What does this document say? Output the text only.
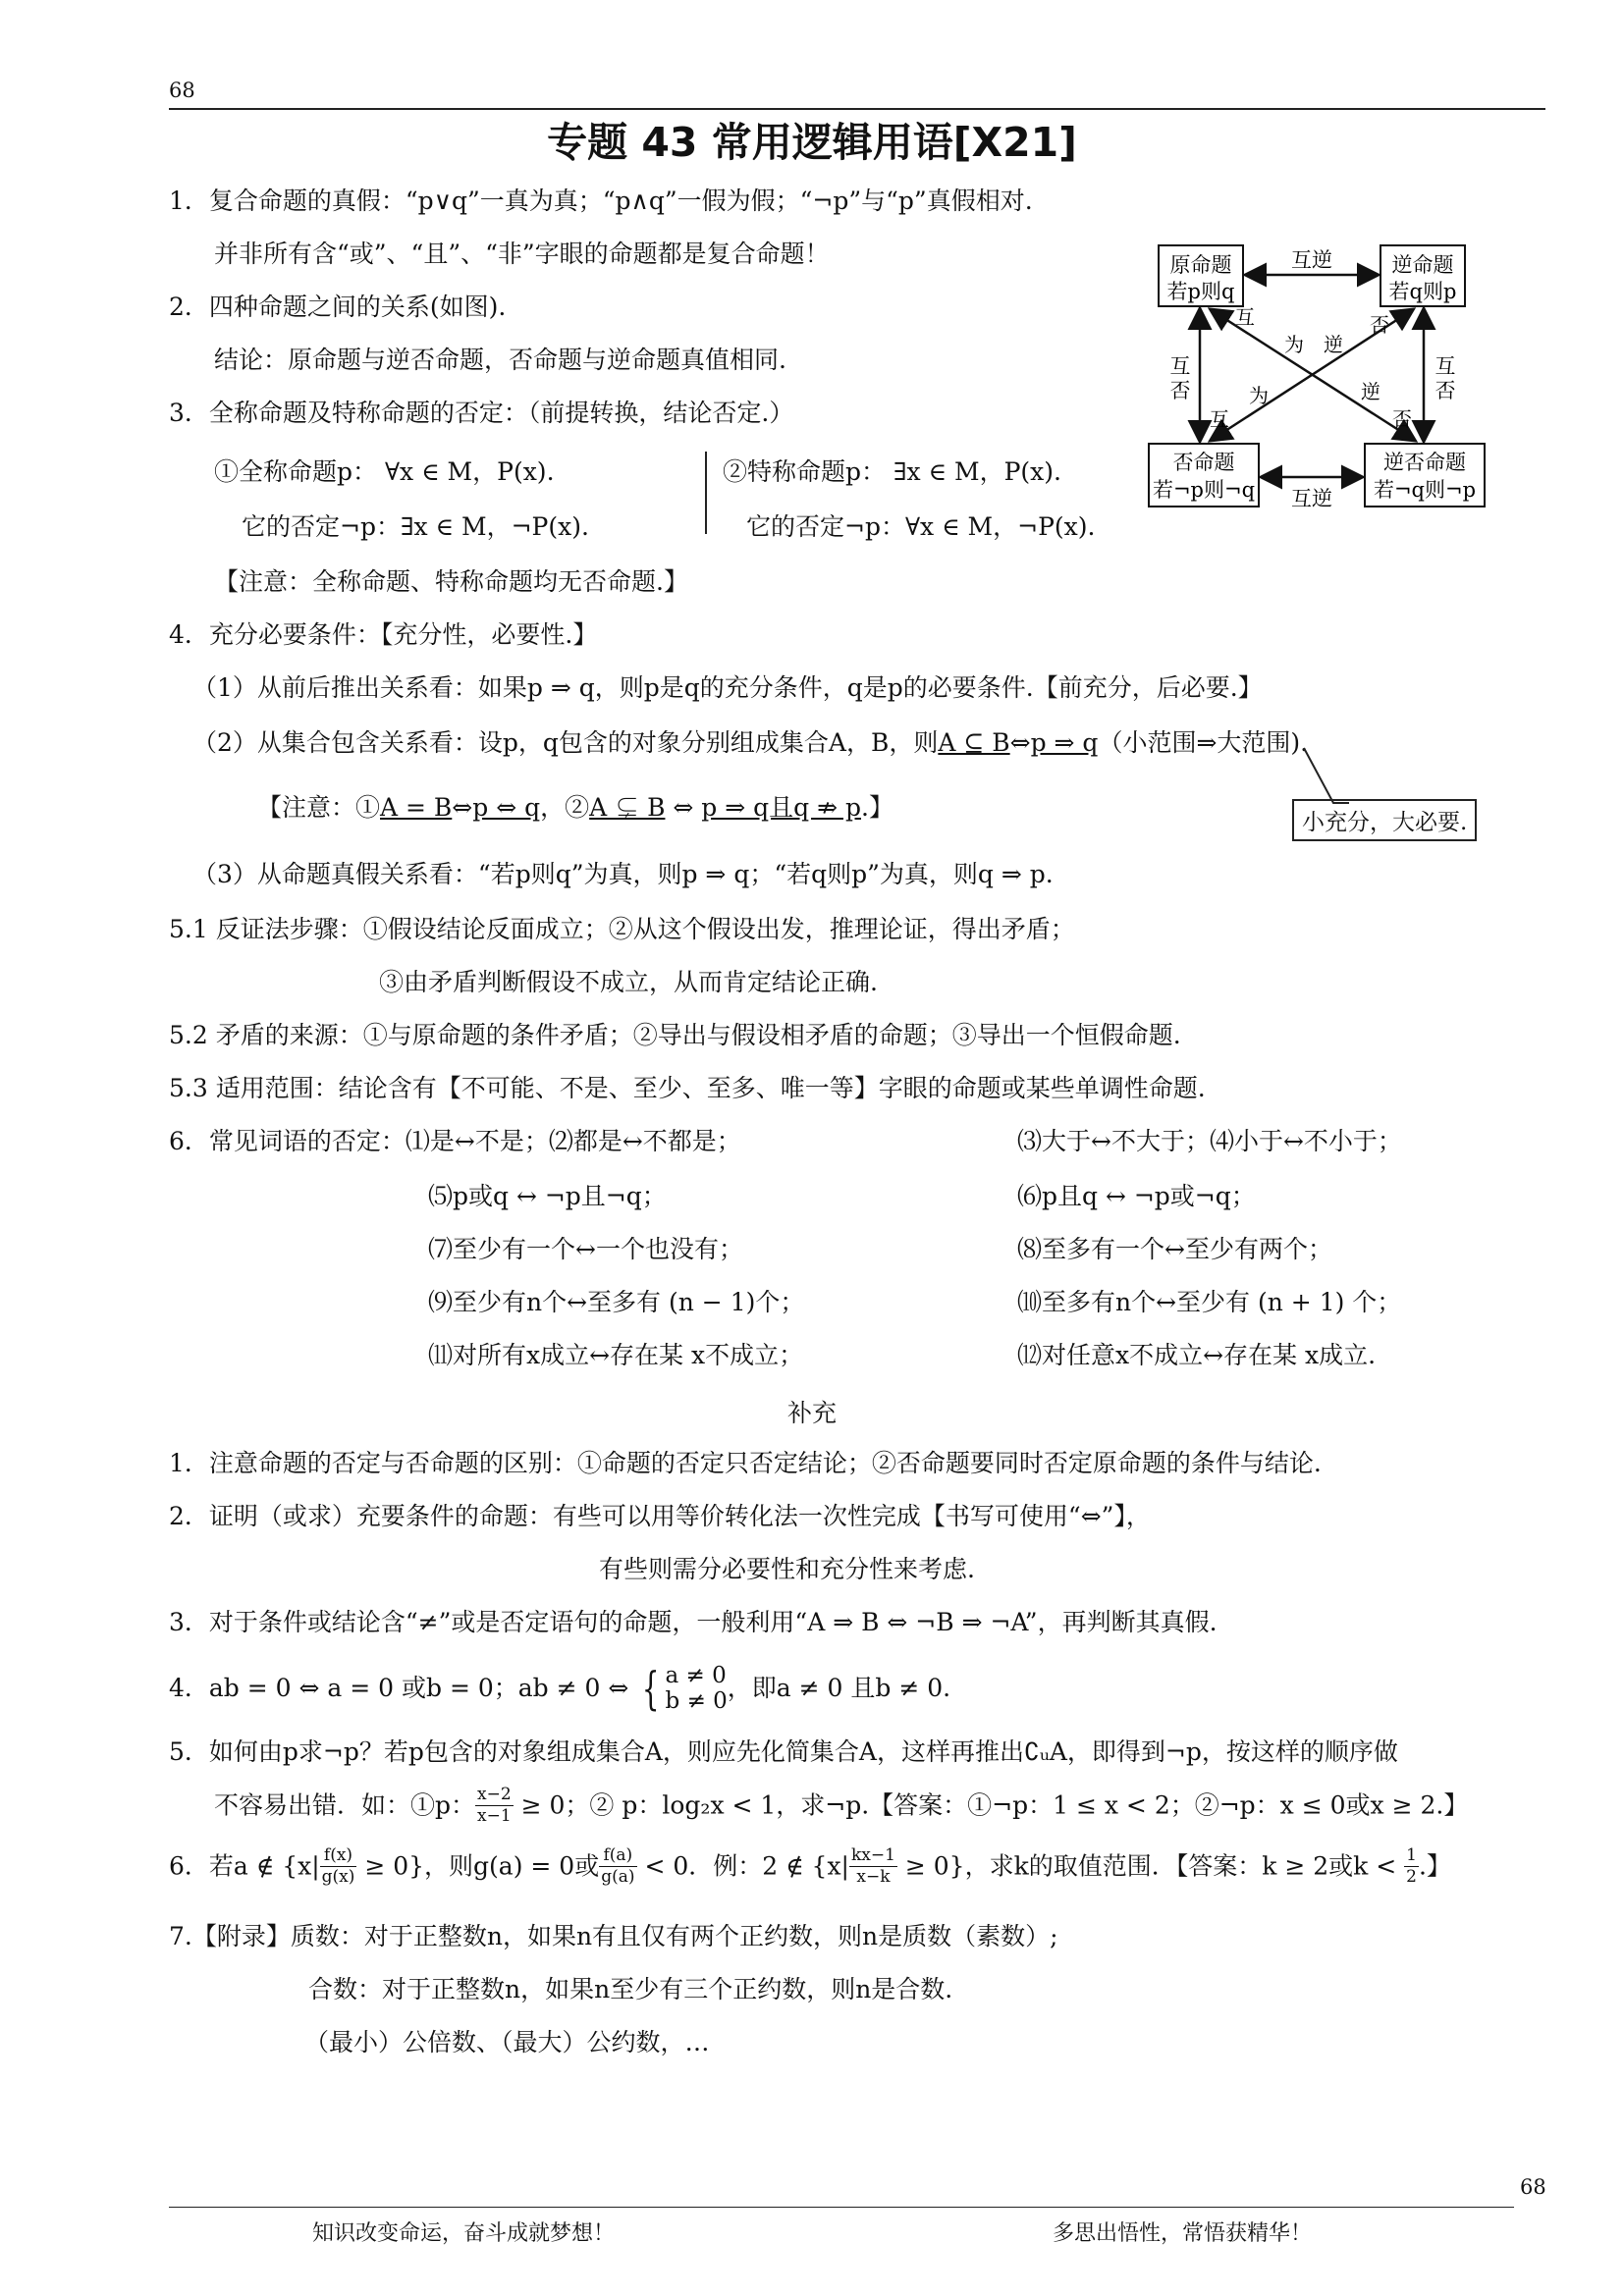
68
专题 43 常用逻辑用语[X21]
1．复合命题的真假：“p∨q”一真为真；“p∧q”一假为假；“¬p”与“p”真假相对.
并非所有含“或”、“且”、“非”字眼的命题都是复合命题！
2．四种命题之间的关系(如图).
结论：原命题与逆否命题，否命题与逆命题真值相同.
3．全称命题及特称命题的否定：（前提转换，结论否定.）
①全称命题p： ∀x ∈ M，P(x).	②特称命题p： ∃x ∈ M，P(x).
它的否定¬p：∃x ∈ M，¬P(x).	它的否定¬p：∀x ∈ M，¬P(x).
【注意：全称命题、特称命题均无否命题.】
原命题
若p则q
逆命题
若q则p
否命题
若¬p则¬q
逆否命题
若¬q则¬p
互逆
互逆
互
否
互
否
互
为 逆
否
互
为	逆
否
4．充分必要条件：【充分性，必要性.】
（1）从前后推出关系看：如果p ⇒ q，则p是q的充分条件，q是p的必要条件.【前充分，后必要.】
（2）从集合包含关系看：设p，q包含的对象分别组成集合A，B，则A ⊆ B⇔p ⇒ q（小范围⇒大范围).
【注意：①A = B⇔p ⇔ q，②A ⊊ B ⇔ p ⇒ q且q ⇏ p.】
小充分，大必要.
（3）从命题真假关系看：“若p则q”为真，则p ⇒ q；“若q则p”为真，则q ⇒ p.
5.1 反证法步骤：①假设结论反面成立；②从这个假设出发，推理论证，得出矛盾；
③由矛盾判断假设不成立，从而肯定结论正确.
5.2 矛盾的来源：①与原命题的条件矛盾；②导出与假设相矛盾的命题；③导出一个恒假命题.
5.3 适用范围：结论含有【不可能、不是、至少、至多、唯一等】字眼的命题或某些单调性命题.
6．常见词语的否定：⑴是↔不是；⑵都是↔不都是；	⑶大于↔不大于；⑷小于↔不小于；
⑸p或q ↔ ¬p且¬q；	⑹p且q ↔ ¬p或¬q；
⑺至少有一个↔一个也没有；	⑻至多有一个↔至少有两个；
⑼至少有n个↔至多有 (n − 1)个；	⑽至多有n个↔至少有 (n + 1) 个；
⑾对所有x成立↔存在某 x不成立；	⑿对任意x不成立↔存在某 x成立.
补充
1．注意命题的否定与否命题的区别：①命题的否定只否定结论；②否命题要同时否定原命题的条件与结论.
2．证明（或求）充要条件的命题：有些可以用等价转化法一次性完成【书写可使用“⇔”】，
有些则需分必要性和充分性来考虑.
3．对于条件或结论含“≠”或是否定语句的命题，一般利用“A ⇒ B ⇔ ¬B ⇒ ¬A”，再判断其真假.
4．ab = 0 ⇔ a = 0 或b = 0；ab ≠ 0 ⇔ { a ≠ 0
b ≠ 0 ，即a ≠ 0 且b ≠ 0.
5．如何由p求¬p？若p包含的对象组成集合A，则应先化简集合A，这样再推出∁ᵤA，即得到¬p，按这样的顺序做
不容易出错．如：①p： $\frac{x-2}{x-1} \ge 0$；② p：log₂x < 1，求¬p.【答案：①¬p：1 ≤ x < 2；②¬p：x ≤ 0或x ≥ 2.】
6．若a ∉ $\{x| \frac{f(x)}{g(x)} \ge 0\}$，则g(a) = 0或 $\frac{f(a)}{g(a)} < 0$．例：2 ∉ $\{x| \frac{kx-1}{x-k} \ge 0\}$，求k的取值范围．【答案：k ≥ 2或$k < \frac{1}{2}$ .】
7.【附录】质数：对于正整数n，如果n有且仅有两个正约数，则n是质数（素数）;
合数：对于正整数n，如果n至少有三个正约数，则n是合数.
（最小）公倍数、（最大）公约数，…
68
知识改变命运，奋斗成就梦想！	多思出悟性，常悟获精华！
